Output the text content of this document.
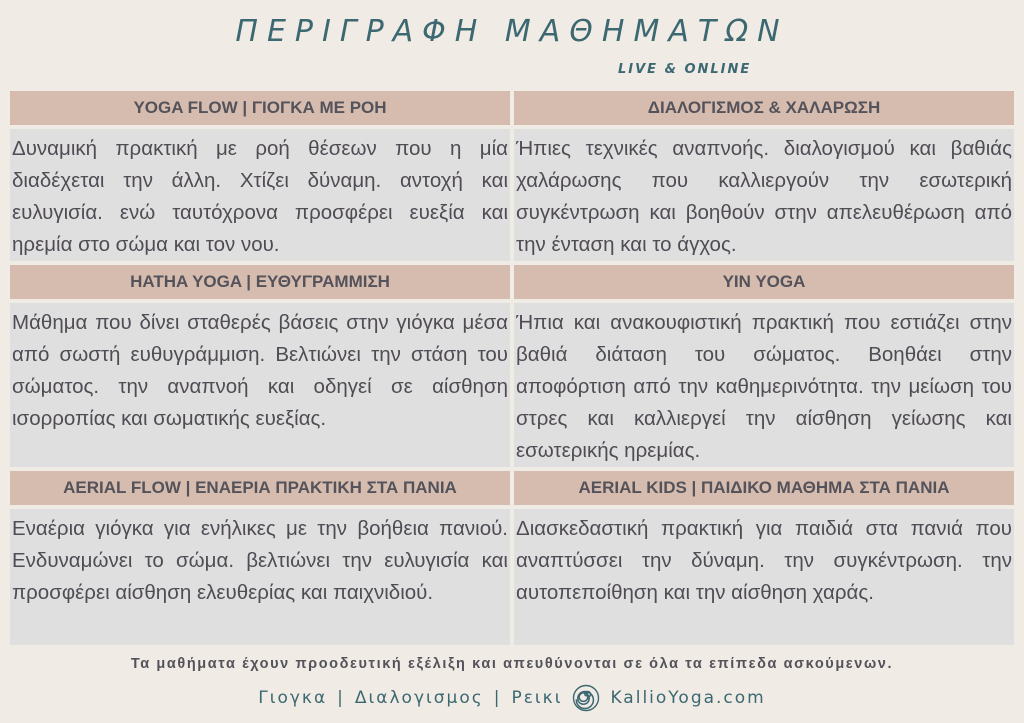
ΠΕΡΙΓΡΑΦΗ ΜΑΘΗΜΑΤΩΝ
LIVE & ONLINE
YOGA FLOW | ΓΙΟΓΚΑ ΜΕ ΡΟΗ	ΔΙΑΛΟΓΙΣΜΟΣ & ΧΑΛΑΡΩΣΗ
Δυναμική πρακτική με ροή θέσεων που η μία διαδέχεται την άλλη. Χτίζει δύναμη. αντοχή και ευλυγισία. ενώ ταυτόχρονα προσφέρει ευεξία και ηρεμία στο σώμα και τον νου.
Ήπιες τεχνικές αναπνοής. διαλογισμού και βαθιάς χαλάρωσης που καλλιεργούν την εσωτερική συγκέντρωση και βοηθούν στην απελευθέρωση από την ένταση και το άγχος.
HATHA YOGA | ΕΥΘΥΓΡΑΜΜΙΣΗ	YIN YOGA
Μάθημα που δίνει σταθερές βάσεις στην γιόγκα μέσα από σωστή ευθυγράμμιση. Βελτιώνει την στάση του σώματος. την αναπνοή και οδηγεί σε αίσθηση ισορροπίας και σωματικής ευεξίας.
Ήπια και ανακουφιστική πρακτική που εστιάζει στην βαθιά διάταση του σώματος. Βοηθάει στην αποφόρτιση από την καθημερινότητα. την μείωση του στρες και καλλιεργεί την αίσθηση γείωσης και εσωτερικής ηρεμίας.
AERIAL FLOW | ΕΝΑΕΡΙΑ ΠΡΑΚΤΙΚΗ ΣΤΑ ΠΑΝΙΑ	AERIAL KIDS | ΠΑΙΔΙΚΟ ΜΑΘΗΜΑ ΣΤΑ ΠΑΝΙΑ
Εναέρια γιόγκα για ενήλικες με την βοήθεια πανιού. Ενδυναμώνει το σώμα. βελτιώνει την ευλυγισία και προσφέρει αίσθηση ελευθερίας και παιχνιδιού.
Διασκεδαστική πρακτική για παιδιά στα πανιά που αναπτύσσει την δύναμη. την συγκέντρωση. την αυτοπεποίθηση και την αίσθηση χαράς.
Τα μαθήματα έχουν προοδευτική εξέλιξη και απευθύνονται σε όλα τα επίπεδα ασκούμενων.
Γιογκα | Διαλογισμος | Ρεικι	KallioYoga.com
